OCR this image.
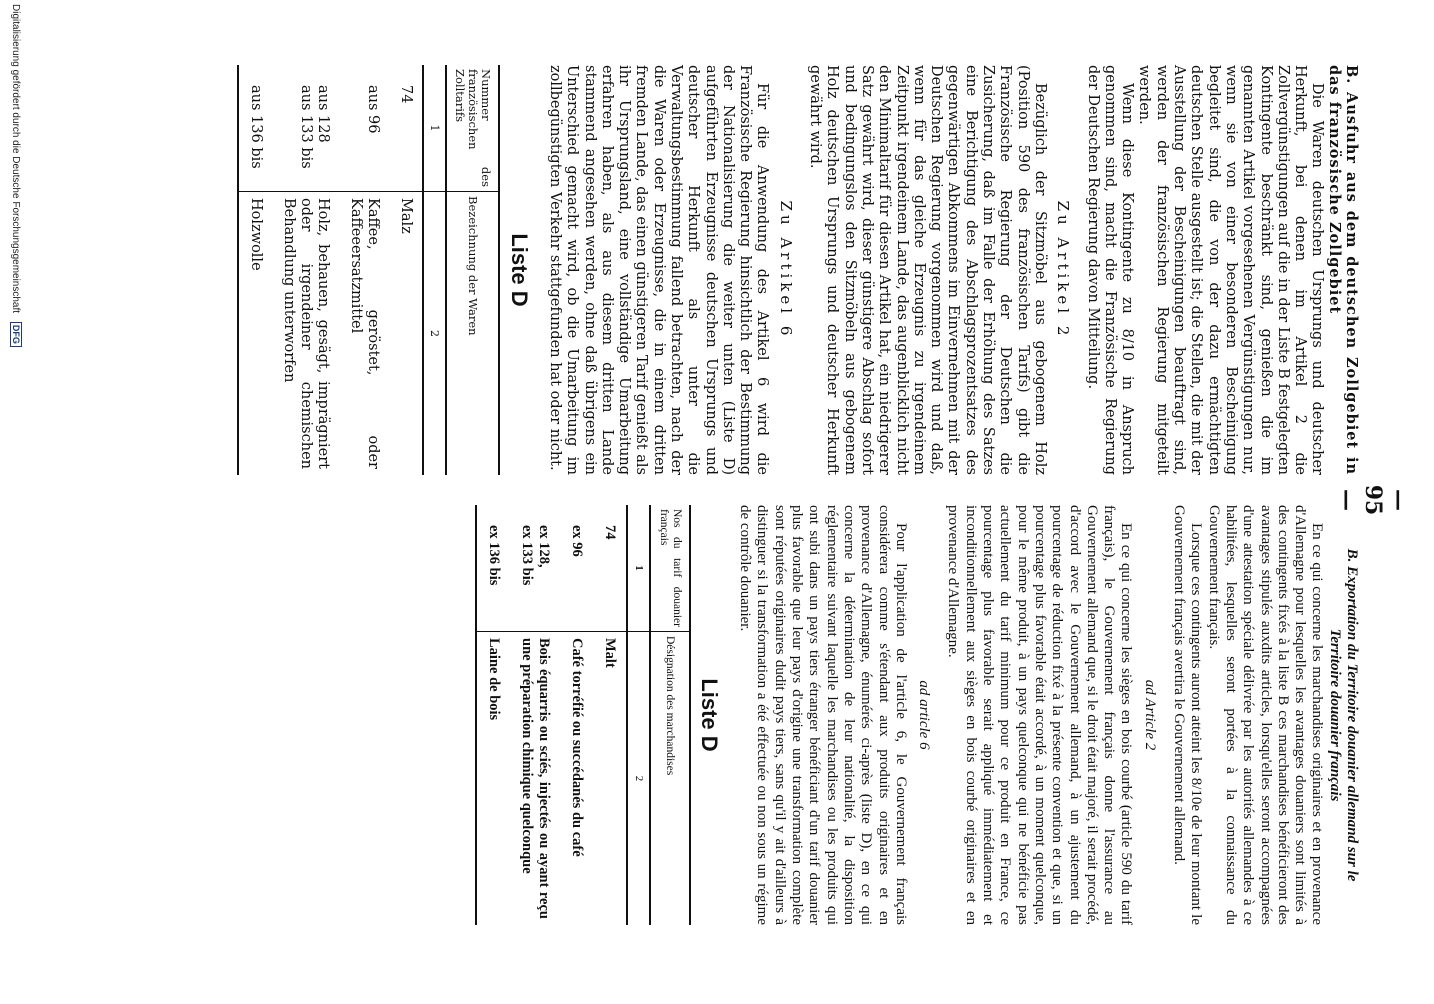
— 95 —
B. Ausfuhr aus dem deutschen Zollgebiet in das französische Zollgebiet

Die Waren deutschen Ursprungs und deutscher Herkunft, bei denen im Artikel 2 die Zollvergünstigungen auf die in der Liste B festgelegten Kontingente beschränkt sind, genießen die im genannten Artikel vorgesehenen Vergünstigungen nur, wenn sie von einer besonderen Bescheinigung begleitet sind, die von der dazu ermächtigten deutschen Stelle ausgestellt ist; die Stellen, die mit der Ausstellung der Bescheinigungen beauftragt sind, werden der französischen Regierung mitgeteilt werden.

Wenn diese Kontingente zu 8/10 in Anspruch genommen sind, macht die Französische Regierung der Deutschen Regierung davon Mitteilung.

Zu Artikel 2

Bezüglich der Sitzmöbel aus gebogenem Holz (Position 590 des französischen Tarifs) gibt die Französische Regierung der Deutschen die Zusicherung, daß im Falle der Erhöhung des Satzes eine Berichtigung des Abschlagsprozentsatzes des gegenwärtigen Abkommens im Einvernehmen mit der Deutschen Regierung vorgenommen wird und daß, wenn für das gleiche Erzeugnis zu irgendeinem Zeitpunkt irgendeinem Lande, das augenblicklich nicht den Minimaltarif für diesen Artikel hat, ein niedrigerer Satz gewährt wird, dieser günstigere Abschlag sofort und bedingungslos den Sitzmöbeln aus gebogenem Holz deutschen Ursprungs und deutscher Herkunft gewährt wird.

Zu Artikel 6

Für die Anwendung des Artikel 6 wird die Französische Regierung hinsichtlich der Bestimmung der Nationalisierung die weiter unten (Liste D) aufgeführten Erzeugnisse deutschen Ursprungs und deutscher Herkunft als unter die Verwaltungsbestimmung fallend betrachten, nach der die Waren oder Erzeugnisse, die in einem dritten fremden Lande, das einen günstigeren Tarif genießt als ihr Ursprungsland, eine vollständige Umarbeitung erfahren haben, als aus diesem dritten Lande stammend angesehen werden, ohne daß übrigens ein Unterschied gemacht wird, ob die Umarbeitung im zollbegünstigten Verkehr stattgefunden hat oder nicht.

Liste D
Nummer des französischen Zolltarifs	Bezeichnung der Waren
1	2
74	Malz
aus 96	Kaffee, geröstet, oder Kaffeeersatzmittel
aus 128
aus 133 bis	Holz, behauen, gesägt, imprägniert oder irgendeiner chemischen Behandlung unterworfen
aus 136 bis	Holzwolle
B. Exportation du Territoire douanier allemand sur le Territoire douanier français

En ce qui concerne les marchandises originaires et en provenance d'Allemagne pour lesquelles les avantages douaniers sont limités à des contingents fixés à la liste B ces marchandises bénéficieront des avantages stipulés auxdits articles, lorsqu'elles seront accompagnées d'une attestation spéciale délivrée par les autorités allemandes à ce habilitées, lesquelles seront portées à la connaissance du Gouvernement français.

Lorsque ces contingents auront atteint les 8/10e de leur montant le Gouvernement français avertira le Gouvernement allemand.

ad Article 2

En ce qui concerne les sièges en bois courbé (article 590 du tarif français), le Gouvernement français donne l'assurance au Gouvernement allemand que, si le droit était majoré, il serait procédé, d'accord avec le Gouvernement allemand, à un ajustement du pourcentage de réduction fixé à la présente convention et que, si un pourcentage plus favorable était accordé, à un moment quelconque, pour le même produit, à un pays quelconque qui ne bénéficie pas actuellement du tarif minimum pour ce produit en France, ce pourcentage plus favorable serait appliqué immédiatement et inconditionnellement aux sièges en bois courbé originaires et en provenance d'Allemagne.

ad article 6

Pour l'application de l'article 6, le Gouvernement français considérera comme s'étendant aux produits originaires et en provenance d'Allemagne, énumérés ci-après (liste D), en ce qui concerne la détermination de leur nationalité, la disposition réglementaire suivant laquelle les marchandises ou les produits qui ont subi dans un pays tiers étranger bénéficiant d'un tarif douanier plus favorable que leur pays d'origine une transformation complète sont réputées originaires dudit pays tiers, sans qu'il y ait d'ailleurs à distinguer si la transformation a été effectuée ou non sous un régime de contrôle douanier.

Liste D
Nos du tarif douanier français	Désignation des marchandises
1	2
74	Malt
ex 96	Café torréfié ou succédanés du café
ex 128,
ex 133 bis	Bois équarris ou sciés, injectés ou ayant reçu une préparation chimique quelconque
ex 136 bis	Laine de bois
Digitalisierung gefördert durch die Deutsche Forschungsgemeinschaft DFG
